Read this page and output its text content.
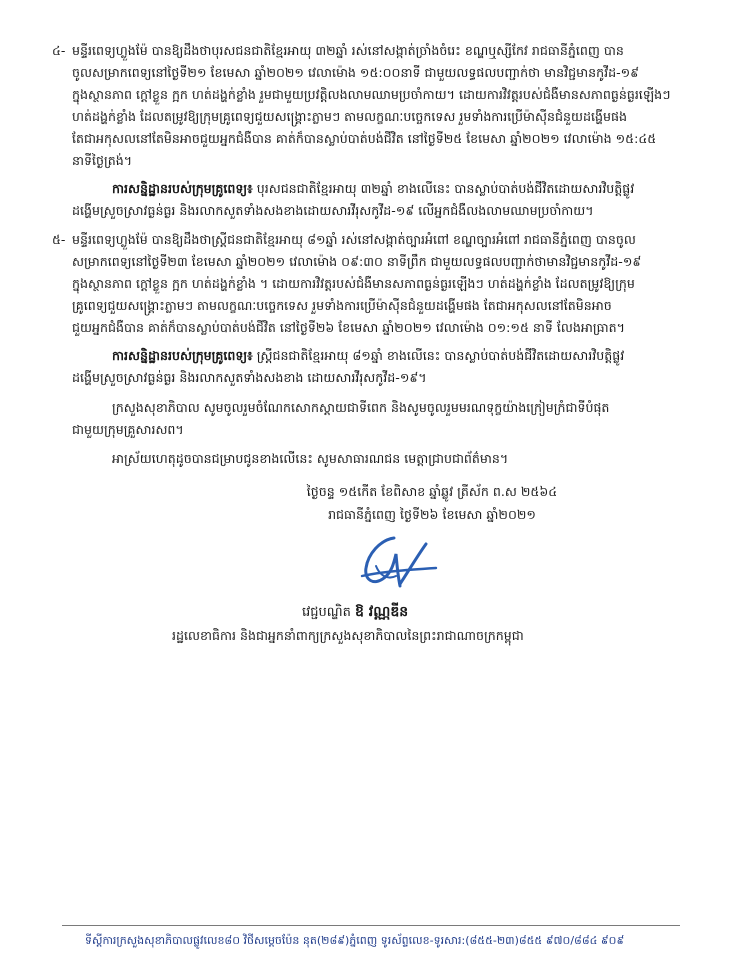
៤- មន្ទីរពេទ្យហ្លួងម៉ែ បានឱ្យដឹងថាបុរសជនជាតិខ្មែរអាយុ ៣២ឆ្នាំ រស់នៅសង្កាត់ច្រាំងចំរេះ ខណ្ឌឬស្សីកែវ រាជធានីភ្នំពេញ បាន
ចូលសម្រាកពេទ្យនៅថ្ងៃទី២១ ខែមេសា ឆ្នាំ២០២១ វេលាម៉ោង ១៥:០០នាទី ជាមួយលទ្ធផលបញ្ជាក់ថា មានវិជ្ជមានកូវីដ-១៩
ក្នុងស្ថានភាព ក្តៅខ្លួន ក្អក ហត់ដង្ហក់ខ្លាំង រួមជាមួយប្រវត្តិលងលាមឈាមប្រចាំកាយ។ ដោយការវិវត្តរបស់ជំងឺមានសភាពធ្ងន់ធ្ងរឡើងៗ
ហត់ដង្ហក់ខ្លាំង ដែលតម្រូវឱ្យក្រុមគ្រូពេទ្យជួយសង្គ្រោះភ្លាមៗ តាមលក្ខណៈបច្ចេកទេស រួមទាំងការប្រើម៉ាស៊ីនជំនួយដង្ហើមផង
តែជាអកុសលនៅតែមិនអាចជួយអ្នកជំងឺបាន គាត់ក៏បានស្លាប់បាត់បង់ជីវិត នៅថ្ងៃទី២៥ ខែមេសា ឆ្នាំ២០២១ វេលាម៉ោង ១៥:៤៥
នាទីថ្ងៃត្រង់។
ការសន្និដ្ឋានរបស់ក្រុមគ្រូពេទ្យ៖ បុរសជនជាតិខ្មែរអាយុ ៣២ឆ្នាំ ខាងលើនេះ បានស្លាប់បាត់បង់ជីវិតដោយសារវិបត្តិផ្លូវ
ដង្ហើមស្រួចស្រាវធ្ងន់ធ្ងរ និងរលាកសួតទាំងសងខាងដោយសារវីរុសកូវីដ-១៩ លើអ្នកជំងឺលងលាមឈាមប្រចាំកាយ។
៥- មន្ទីរពេទ្យហ្លួងម៉ែ បានឱ្យដឹងថាស្ត្រីជនជាតិខ្មែរអាយុ ៨១ឆ្នាំ រស់នៅសង្កាត់ច្បារអំពៅ ខណ្ឌច្បារអំពៅ រាជធានីភ្នំពេញ បានចូល
សម្រាកពេទ្យនៅថ្ងៃទី២៣ ខែមេសា ឆ្នាំ២០២១ វេលាម៉ោង ០៩:៣០ នាទីព្រឹក ជាមួយលទ្ធផលបញ្ជាក់ថាមានវិជ្ជមានកូវីដ-១៩
ក្នុងស្ថានភាព ក្តៅខ្លួន ក្អក ហត់ដង្ហក់ខ្លាំង ។ ដោយការវិវត្តរបស់ជំងឺមានសភាពធ្ងន់ធ្ងរឡើងៗ ហត់ដង្ហក់ខ្លាំង ដែលតម្រូវឱ្យក្រុម
គ្រូពេទ្យជួយសង្គ្រោះភ្លាមៗ តាមលក្ខណៈបច្ចេកទេស រួមទាំងការប្រើម៉ាស៊ីនជំនួយដង្ហើមផង តែជាអកុសលនៅតែមិនអាច
ជួយអ្នកជំងឺបាន គាត់ក៏បានស្លាប់បាត់បង់ជីវិត នៅថ្ងៃទី២៦ ខែមេសា ឆ្នាំ២០២១ វេលាម៉ោង ០១:១៥ នាទី លែងអាធ្រាត។
ការសន្និដ្ឋានរបស់ក្រុមគ្រូពេទ្យ៖ ស្ត្រីជនជាតិខ្មែរអាយុ ៨១ឆ្នាំ ខាងលើនេះ បានស្លាប់បាត់បង់ជីវិតដោយសារវិបត្តិផ្លូវ
ដង្ហើមស្រួចស្រាវធ្ងន់ធ្ងរ និងរលាកសួតទាំងសងខាង ដោយសារវីរុសកូវីដ-១៩។
ក្រសួងសុខាភិបាល សូមចូលរួមចំណែកសោកស្តាយជាទីពេក និងសូមចូលរួមមរណទុក្ខយ៉ាងក្រៀមក្រំជាទីបំផុត
ជាមួយក្រុមគ្រួសារសព។
អាស្រ័យហេតុដូចបានជម្រាបជូនខាងលើនេះ សូមសាធារណជន មេត្តាជ្រាបជាព័ត៌មាន។
ថ្ងៃចន្ទ ១៥កើត ខែពិសាខ ឆ្នាំឆ្លូវ ត្រីស័ក ព.ស ២៥៦៤
រាជធានីភ្នំពេញ ថ្ងៃទី២៦ ខែមេសា ឆ្នាំ២០២១
វេជ្ជបណ្ឌិត ឱ វណ្ណឌីន
រដ្ឋលេខាធិការ និងជាអ្នកនាំពាក្យក្រសួងសុខាភិបាលនៃព្រះរាជាណាចក្រកម្ពុជា
ទីស្តីការក្រសួងសុខាភិបាលផ្លូវលេខ៨០ វិថីសម្តេចប៉ែន នុត(២៨៩)ភ្នំពេញ ទូរស័ព្ទលេខ-ទូរសារ:(៨៥៥-២៣)៨៥៥ ៩៧០/៨៨៤ ៩០៩
